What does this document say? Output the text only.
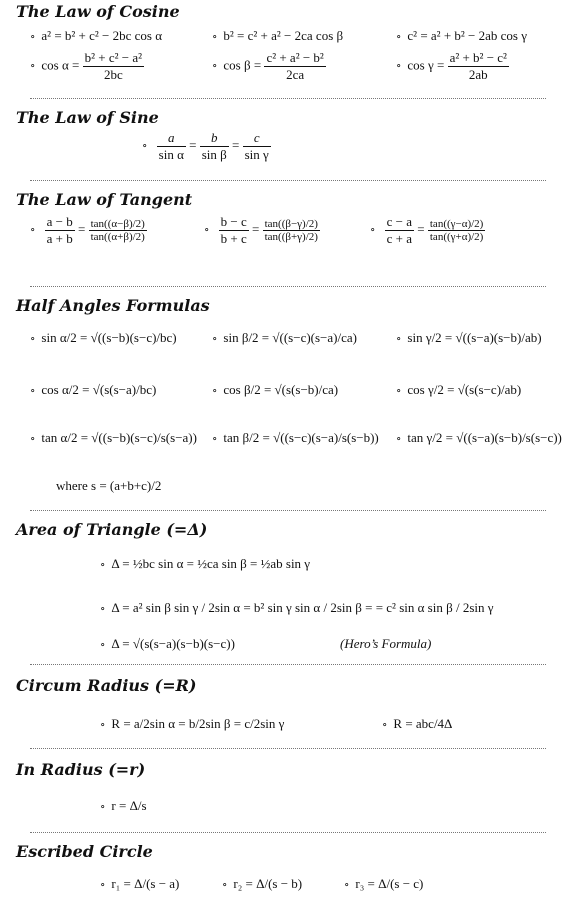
The Law of Cosine
∘ a² = b² + c² − 2bc cos α	∘ b² = c² + a² − 2ca cos β	∘ c² = a² + b² − 2ab cos γ
∘ $\cos \alpha = \frac{\text{b² + c² − a²}}{2bc}$	∘ $\cos \beta = \frac{\text{c² + a² − b²}}{2ca}$	∘ $\cos \gamma = \frac{\text{a² + b² − c²}}{2ab}$
The Law of Sine
∘ $\frac{a}{\text{sin α}} = \frac{b}{\text{sin β}} = \frac{c}{\text{sin γ}}$
The Law of Tangent
∘ $\frac{a - b}{a + b} = \frac{\tan((\alpha-\beta)/2)}{\tan((\alpha+\beta)/2)}$	∘ $\frac{b - c}{b + c} = \frac{\tan((\beta-\gamma)/2)}{\tan((\beta+\gamma)/2)}$	∘ $\frac{c - a}{c + a} = \frac{\tan((\gamma-\alpha)/2)}{\tan((\gamma+\alpha)/2)}$
Half Angles Formulas
∘ sin α/2 = √((s−b)(s−c)/bc)	∘ sin β/2 = √((s−c)(s−a)/ca)	∘ sin γ/2 = √((s−a)(s−b)/ab)
∘ cos α/2 = √(s(s−a)/bc)	∘ cos β/2 = √(s(s−b)/ca)	∘ cos γ/2 = √(s(s−c)/ab)
∘ tan α/2 = √((s−b)(s−c)/s(s−a)) ∘ tan β/2 = √((s−c)(s−a)/s(s−b)) ∘ tan γ/2 = √((s−a)(s−b)/s(s−c))
where s = (a+b+c)/2
Area of Triangle (=Δ)
∘ Δ = ½bc sin α = ½ca sin β = ½ab sin γ
∘ Δ = a² sin β sin γ / 2sin α = b² sin γ sin α / 2sin β = = c² sin α sin β / 2sin γ
∘ Δ = √(s(s−a)(s−b)(s−c))	(Hero’s Formula)
Circum Radius (=R)
∘ R = a/2sin α = b/2sin β = c/2sin γ	∘ R = abc/4Δ
In Radius (=r)
∘ r = Δ/s
Escribed Circle
∘ r₁ = Δ/(s − a)	∘ r₂ = Δ/(s − b)	∘ r₃ = Δ/(s − c)
